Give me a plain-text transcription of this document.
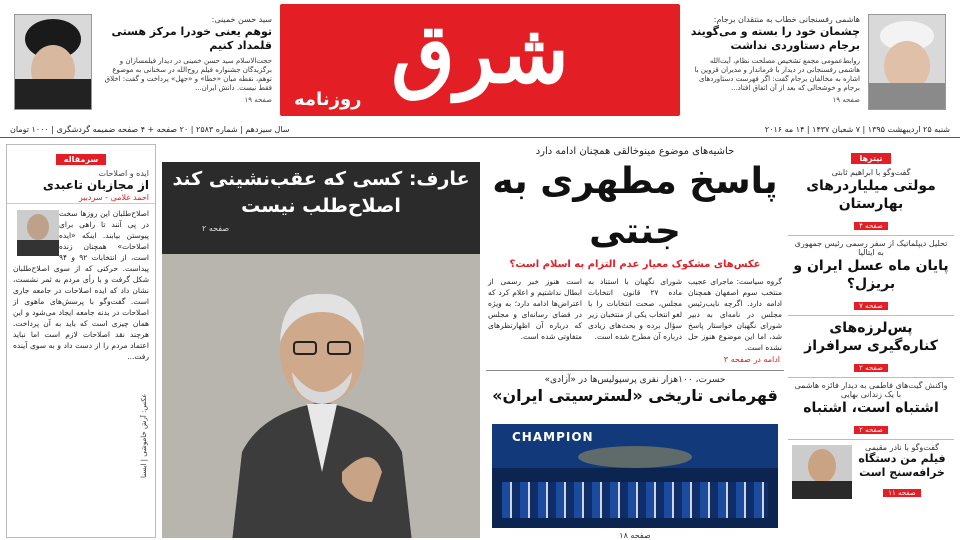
سید حسن خمینی:
توهم یعنی خودرا مرکز هستی قلمداد کنیم
حجت‌الاسلام سید حسن خمینی در دیدار فیلمسازان و برگزیدگان جشنواره فیلم روح‌الله در سخنانی به موضوع توهم، نقطه میان «خطا» و «جهل» پرداخت و گفت: اخلاق فقط نیست. دانش ایران...
صفحه ۱۹	شرق
روزنامه
هاشمی رفسنجانی خطاب به منتقدان برجام:
چشمان خود را بسته و می‌گویند برجام دستاوردی نداشت
روابط‌عمومی مجمع تشخیص مصلحت نظام، آیت‌الله هاشمی رفسنجانی در دیدار با فرماندار و مدیران قزوین با اشاره به مخالفان برجام گفت: اگر فهرست دستاوردهای برجام و خوشحالی که بعد از آن اتفاق افتاد...
صفحه ۱۹
شنبه ۲۵ اردیبهشت ۱۳۹۵ | ۷ شعبان ۱۴۳۷ | ۱۴ مه ۲۰۱۶
سال سیزدهم | شماره ۲۵۸۳ | ۲۰ صفحه + ۴ صفحه ضمیمه گردشگری | ۱۰۰۰ تومان
سرمقاله
ایده و اصلاحات
از مجازبان تاعبدی
احمد غلامی - سردبیر
اصلاح‌طلبان این روزها سخت در پی آنند تا راهی برای پیوستن بیابند. اینکه «ایده اصلاحات» همچنان زنده است، از انتخابات ۹۲ و ۹۴ پیداست. حرکتی که از سوی اصلاح‌طلبان شکل گرفت و با رأی مردم به ثمر نشست، نشان داد که ایده اصلاحات در جامعه جاری است. گفت‌وگو با پرسش‌های ماهوی از اصلاحات در بدنه جامعه ایجاد می‌شود و این همان چیزی است که باید به آن پرداخت. هرچند نقد اصلاحات لازم است اما نباید اعتماد مردم را از دست داد و به سوی آینده رفت...
عارف: کسی که عقب‌نشینی کند اصلاح‌طلب نیست
صفحه ۲
عکس: آرش خاموشی | ایسنا
حاشیه‌های موضوع مینوخالقی همچنان ادامه دارد
پاسخ مطهری به جنتی
عکس‌های مشکوک معیار عدم التزام به اسلام است؟
گروه سیاست: ماجرای عجیب منتخب سوم اصفهان همچنان ادامه دارد. اگرچه نایب‌رئیس مجلس در نامه‌ای به دبیر شورای نگهبان خواستار پاسخ شد، اما این موضوع هنوز حل نشده است.
شورای نگهبان با استناد به ماده ۲۷ قانون انتخابات مجلس، صحت انتخابات را با لغو انتخاب یکی از منتخبان زیر سؤال برده و بحث‌های زیادی درباره آن مطرح شده است.
است هنوز خبر رسمی از ابطال نداشتیم و اعلام کرد که اعتراض‌ها ادامه دارد؛ به ‌ویژه در فضای رسانه‌ای و مجلس که درباره آن اظهارنظرهای متفاوتی شده است.
ادامه در صفحه ۳
حسرت، ۱۰۰هزار نفری پرسپولیس‌ها در «آزادی»
قهرمانی تاریخی «لسترسیتی ایران»
CHAMPION
صفحه ۱۸
تیترها
گفت‌وگو با ابراهیم ثابتی
مولتی میلیاردرهای بهارستان
صفحه ۴
تحلیل دیپلماتیک از سفر رسمی رئیس جمهوری به ایتالیا
پایان ماه عسل ایران و بریزل؟
صفحه ۷
پس‌لرزه‌های کناره‌گیری سرافراز
صفحه ۲
واکنش گیت‌های فاطمی به دیدار فائزه هاشمی با یک زندانی بهایی
اشتباه است، اشتباه
صفحه ۲
گفت‌وگو با نادر مقیمی
فیلم من دستگاه خرافه‌سنج است
صفحه ۱۱
